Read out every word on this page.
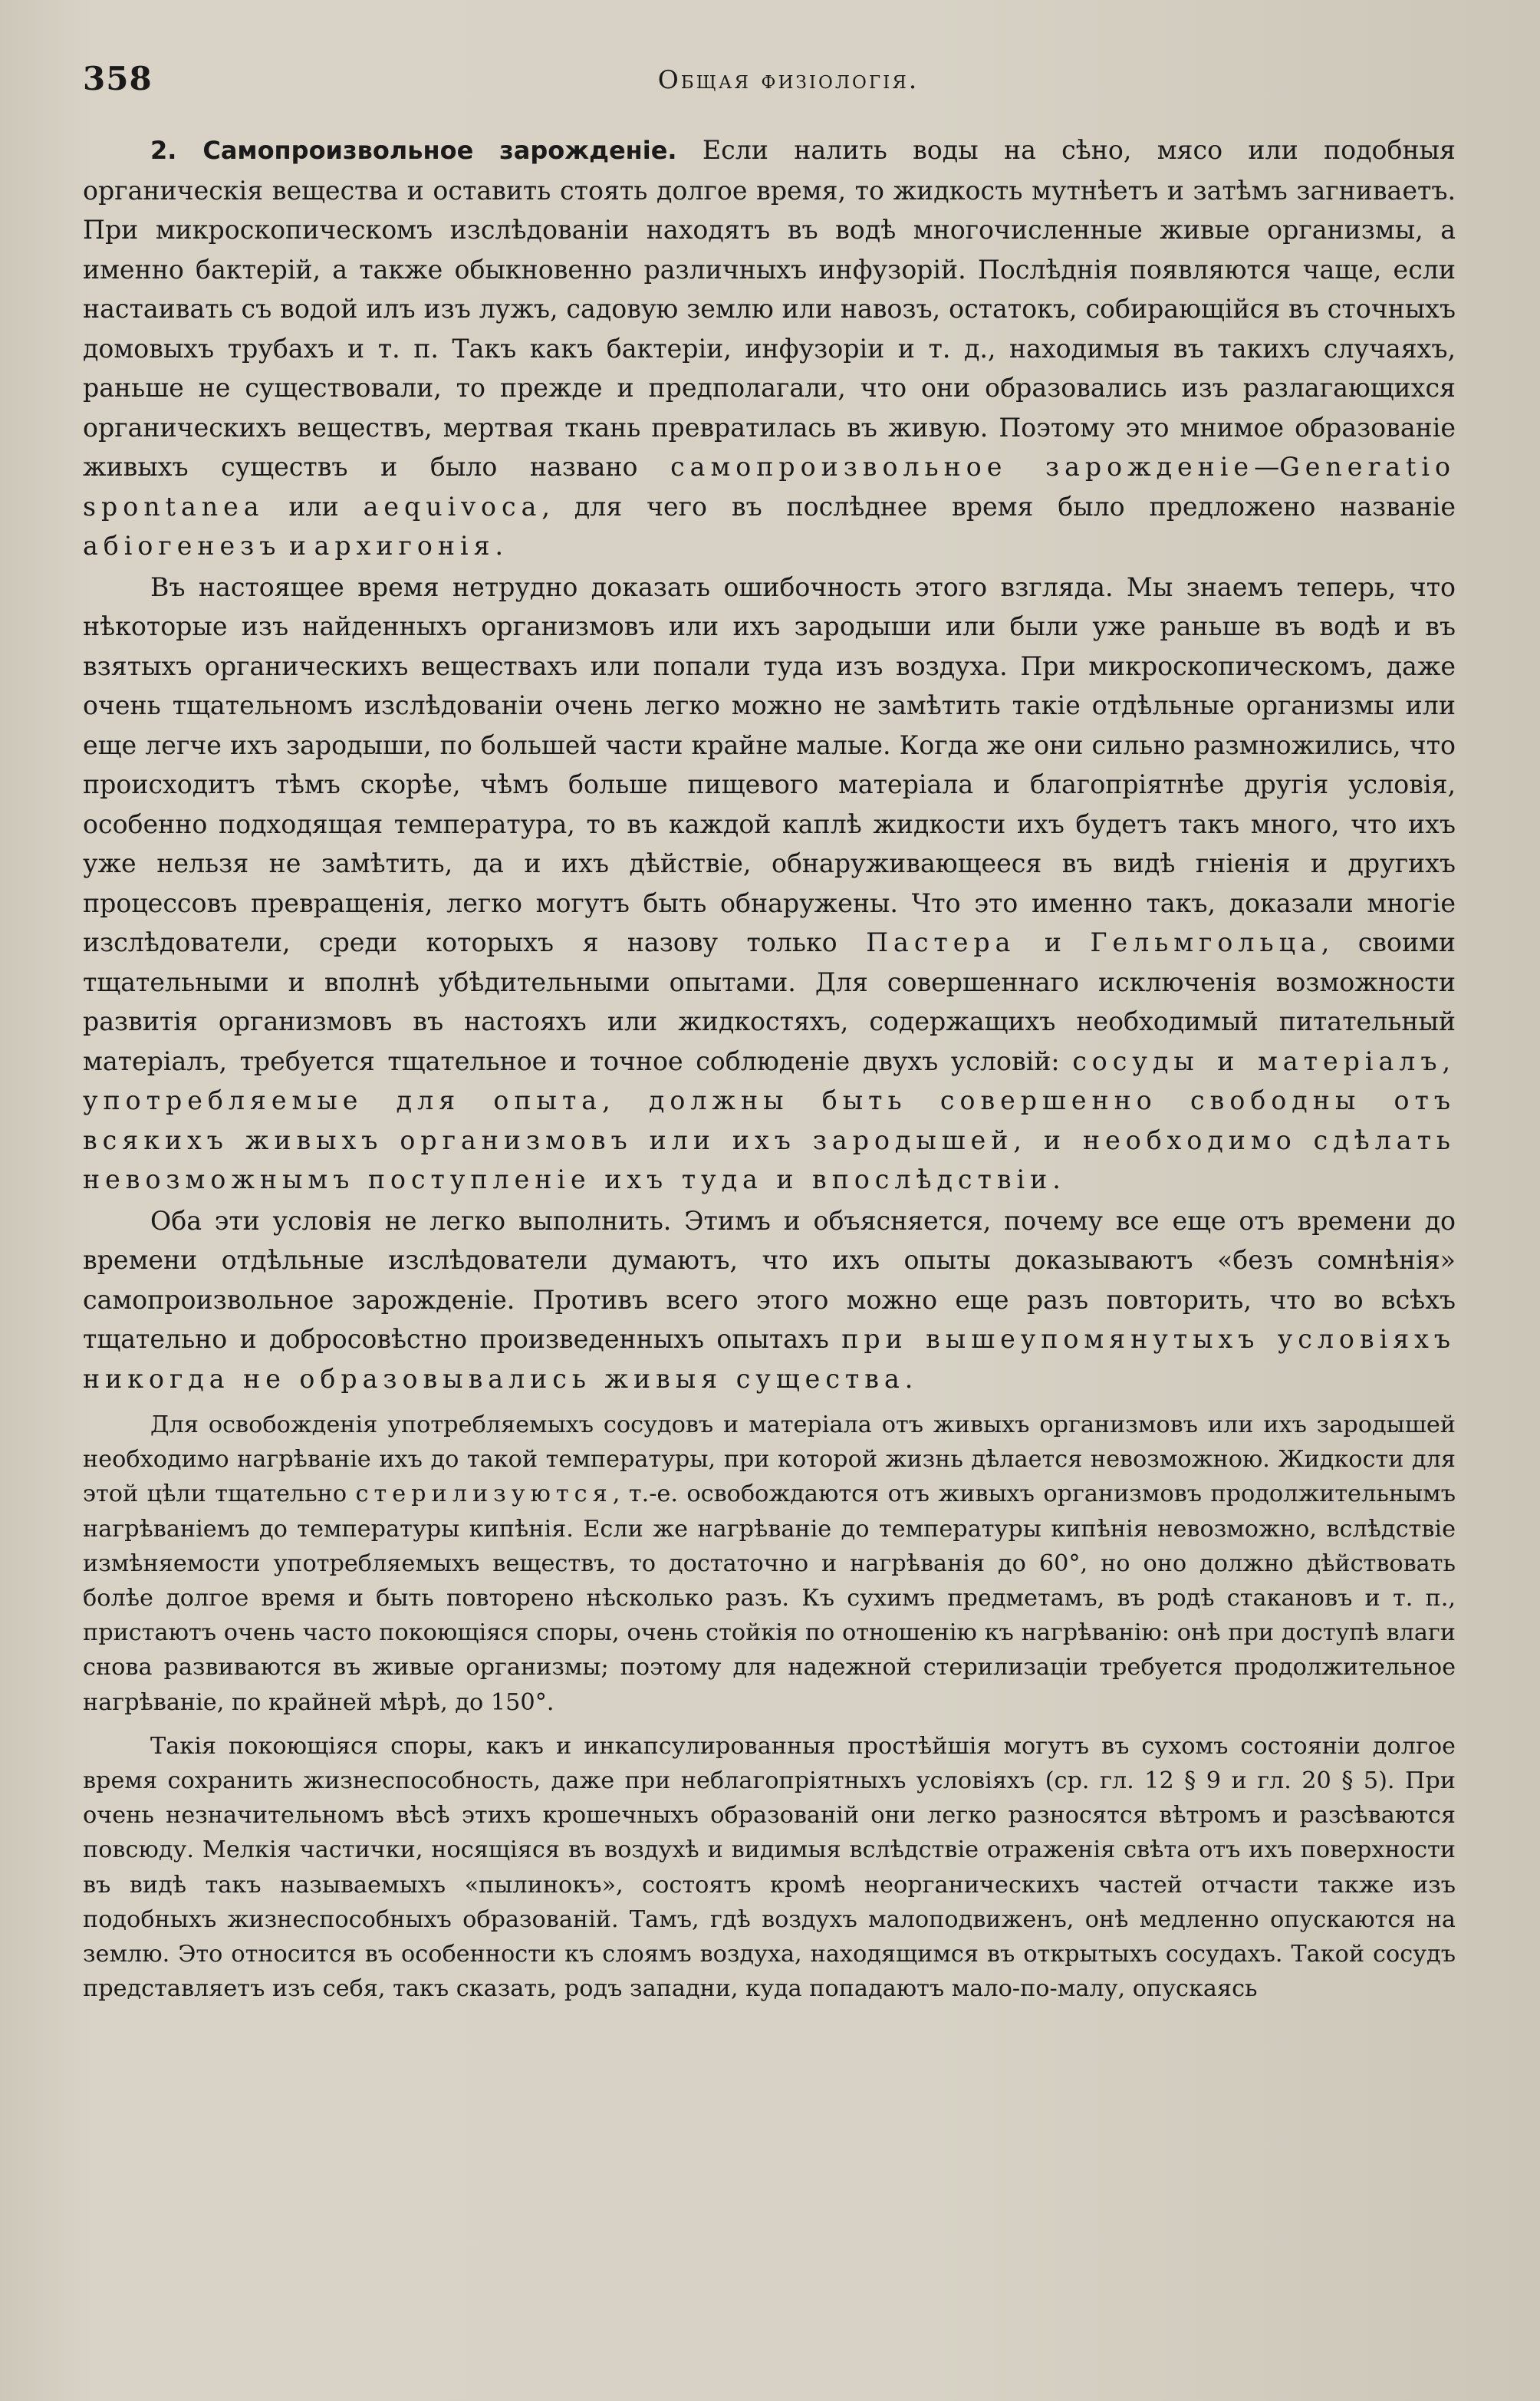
358	Общая физiологiя.

2. Самопроизвольное зарожденіе. Если налить воды на сѣно, мясо или подобныя органическія вещества и оставить стоять долгое время, то жидкость мутнѣетъ и затѣмъ загниваетъ. При микроскопическомъ изслѣдованіи находятъ въ водѣ многочисленные живые организмы, а именно бактерій, а также обыкновенно различныхъ инфузорій. Послѣднія появляются чаще, если настаивать съ водой илъ изъ лужъ, садовую землю или навозъ, остатокъ, собирающійся въ сточныхъ домовыхъ трубахъ и т. п. Такъ какъ бактеріи, инфузоріи и т. д., находимыя въ такихъ случаяхъ, раньше не существовали, то прежде и предполагали, что они образовались изъ разлагающихся органическихъ веществъ, мертвая ткань превратилась въ живую. Поэтому это мнимое образованіе живыхъ существъ и было названо самопроизвольное зарожденіе—Generatio spontanea или aequivoca, для чего въ послѣднее время было предложено названіе абіогенезъ и архигонія.

Въ настоящее время нетрудно доказать ошибочность этого взгляда. Мы знаемъ теперь, что нѣкоторые изъ найденныхъ организмовъ или ихъ зародыши или были уже раньше въ водѣ и въ взятыхъ органическихъ веществахъ или попали туда изъ воздуха. При микроскопическомъ, даже очень тщательномъ изслѣдованіи очень легко можно не замѣтить такіе отдѣльные организмы или еще легче ихъ зародыши, по большей части крайне малые. Когда же они сильно размножились, что происходитъ тѣмъ скорѣе, чѣмъ больше пищевого матеріала и благопріятнѣе другія условія, особенно подходящая температура, то въ каждой каплѣ жидкости ихъ будетъ такъ много, что ихъ уже нельзя не замѣтить, да и ихъ дѣйствіе, обнаруживающееся въ видѣ гніенія и другихъ процессовъ превращенія, легко могутъ быть обнаружены. Что это именно такъ, доказали многіе изслѣдователи, среди которыхъ я назову только Пастера и Гельмгольца, своими тщательными и вполнѣ убѣдительными опытами. Для совершеннаго исключенія возможности развитія организмовъ въ настояхъ или жидкостяхъ, содержащихъ необходимый питательный матеріалъ, требуется тщательное и точное соблюденіе двухъ условій: сосуды и матеріалъ, употребляемые для опыта, должны быть совершенно свободны отъ всякихъ живыхъ организмовъ или ихъ зародышей, и необходимо сдѣлать невозможнымъ поступленіе ихъ туда и впослѣдствіи.

Оба эти условія не легко выполнить. Этимъ и объясняется, почему все еще отъ времени до времени отдѣльные изслѣдователи думаютъ, что ихъ опыты доказываютъ «безъ сомнѣнія» самопроизвольное зарожденіе. Противъ всего этого можно еще разъ повторить, что во всѣхъ тщательно и добросовѣстно произведенныхъ опытахъ при вышеупомянутыхъ условіяхъ никогда не образовывались живыя существа.

Для освобожденія употребляемыхъ сосудовъ и матеріала отъ живыхъ организмовъ или ихъ зародышей необходимо нагрѣваніе ихъ до такой температуры, при которой жизнь дѣлается невозможною. Жидкости для этой цѣли тщательно стерилизуются, т.-е. освобождаются отъ живыхъ организмовъ продолжительнымъ нагрѣваніемъ до температуры кипѣнія. Если же нагрѣваніе до температуры кипѣнія невозможно, вслѣдствіе измѣняемости употребляемыхъ веществъ, то достаточно и нагрѣванія до 60°, но оно должно дѣйствовать болѣе долгое время и быть повторено нѣсколько разъ. Къ сухимъ предметамъ, въ родѣ стакановъ и т. п., пристаютъ очень часто покоющіяся споры, очень стойкія по отношенію къ нагрѣванію: онѣ при доступѣ влаги снова развиваются въ живые организмы; поэтому для надежной стерилизаціи требуется продолжительное нагрѣваніе, по крайней мѣрѣ, до 150°.

Такія покоющіяся споры, какъ и инкапсулированныя простѣйшія могутъ въ сухомъ состояніи долгое время сохранить жизнеспособность, даже при неблагопріятныхъ условіяхъ (ср. гл. 12 § 9 и гл. 20 § 5). При очень незначительномъ вѣсѣ этихъ крошечныхъ образованій они легко разносятся вѣтромъ и разсѣваются повсюду. Мелкія частички, носящіяся въ воздухѣ и видимыя вслѣдствіе отраженія свѣта отъ ихъ поверхности въ видѣ такъ называемыхъ «пылинокъ», состоятъ кромѣ неорганическихъ частей отчасти также изъ подобныхъ жизнеспособныхъ образованій. Тамъ, гдѣ воздухъ малоподвиженъ, онѣ медленно опускаются на землю. Это относится въ особенности къ слоямъ воздуха, находящимся въ открытыхъ сосудахъ. Такой сосудъ представляетъ изъ себя, такъ сказать, родъ западни, куда попадаютъ мало-по-малу, опускаясь
